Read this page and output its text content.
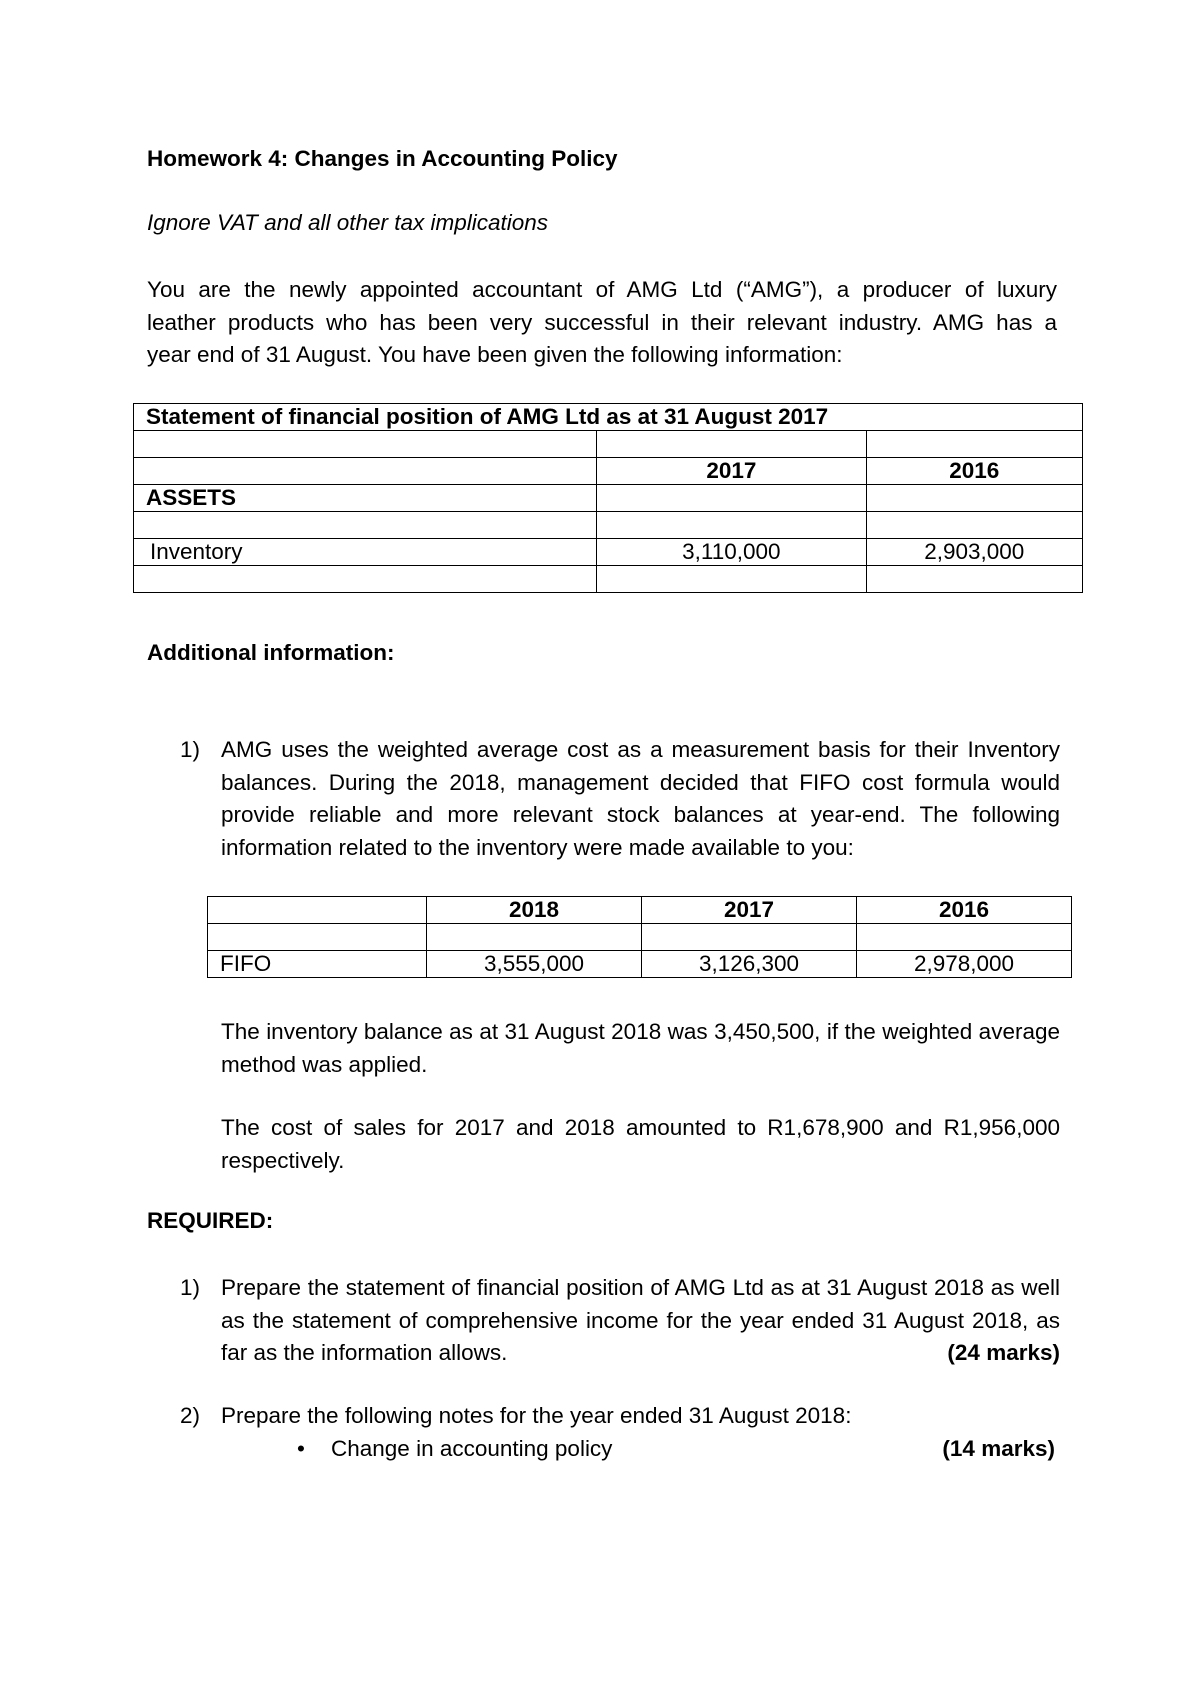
Homework 4: Changes in Accounting Policy
Ignore VAT and all other tax implications
You are the newly appointed accountant of AMG Ltd (“AMG”), a producer of luxury
leather products who has been very successful in their relevant industry. AMG has a
year end of 31 August. You have been given the following information:
Statement of financial position of AMG Ltd as at 31 August 2017		

	2017	2016
ASSETS		

Inventory	3,110,000	2,903,000

Additional information:
1) AMG uses the weighted average cost as a measurement basis for their Inventory balances. During the 2018, management decided that FIFO cost formula would provide reliable and more relevant stock balances at year-end. The following information related to the inventory were made available to you:
	2018	2017	2016

FIFO	3,555,000	3,126,300	2,978,000
The inventory balance as at 31 August 2018 was 3,450,500, if the weighted average method was applied.
The cost of sales for 2017 and 2018 amounted to R1,678,900 and R1,956,000 respectively.
REQUIRED:
1) Prepare the statement of financial position of AMG Ltd as at 31 August 2018 as well as the statement of comprehensive income for the year ended 31 August 2018, as far as the information allows.	(24 marks)
2) Prepare the following notes for the year ended 31 August 2018:
• Change in accounting policy	(14 marks)
